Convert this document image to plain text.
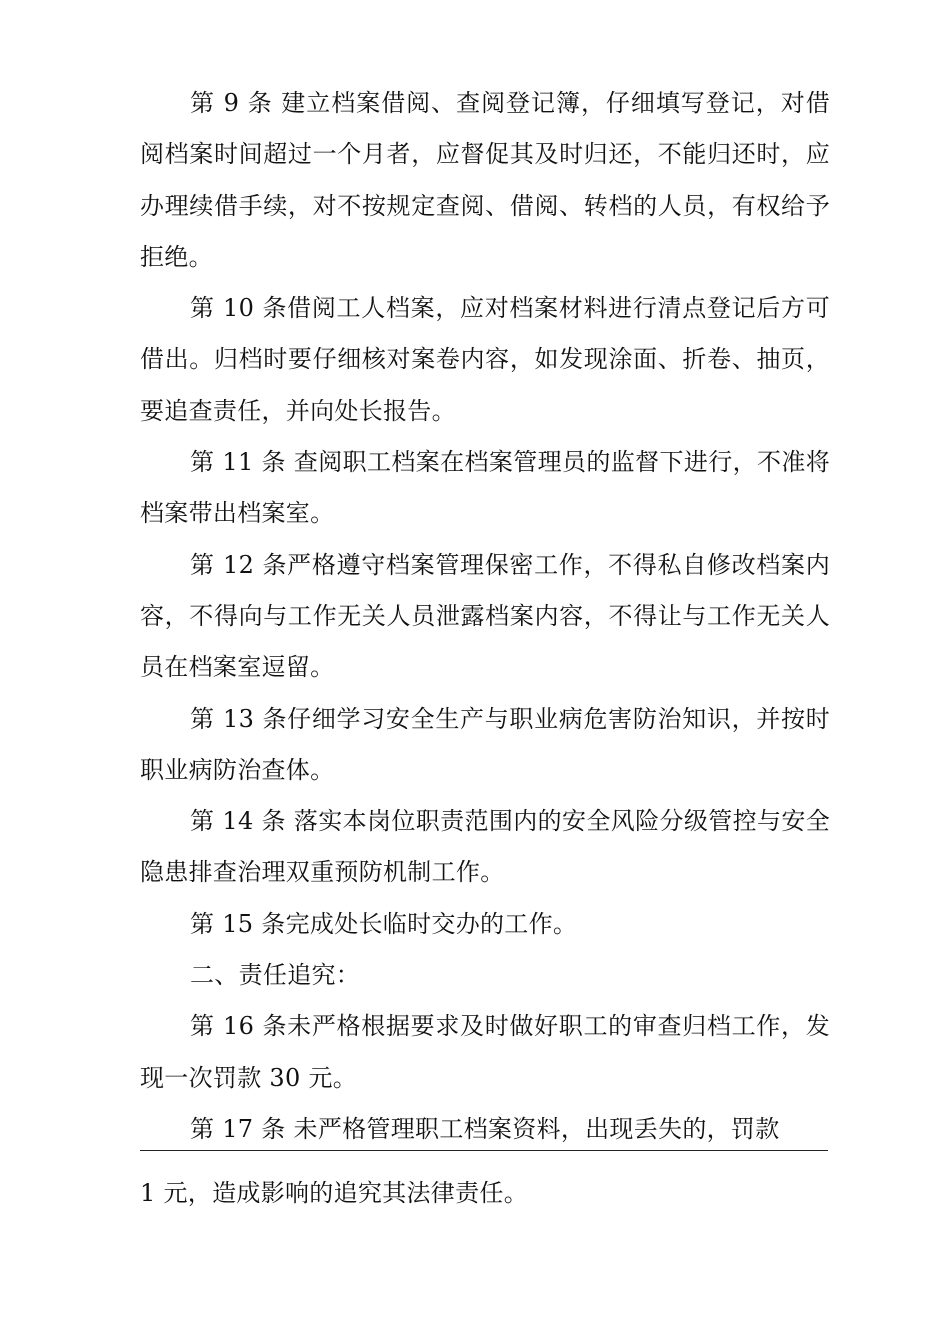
第 9 条 建立档案借阅、查阅登记簿，仔细填写登记，对借阅档案时间超过一个月者，应督促其及时归还，不能归还时，应办理续借手续，对不按规定查阅、借阅、转档的人员，有权给予拒绝。

第 10 条借阅工人档案，应对档案材料进行清点登记后方可借出。归档时要仔细核对案卷内容，如发现涂面、折卷、抽页，要追查责任，并向处长报告。

第 11 条 查阅职工档案在档案管理员的监督下进行，不准将档案带出档案室。

第 12 条严格遵守档案管理保密工作，不得私自修改档案内容，不得向与工作无关人员泄露档案内容，不得让与工作无关人员在档案室逗留。

第 13 条仔细学习安全生产与职业病危害防治知识，并按时职业病防治查体。

第 14 条 落实本岗位职责范围内的安全风险分级管控与安全隐患排查治理双重预防机制工作。

第 15 条完成处长临时交办的工作。

二、责任追究：

第 16 条未严格根据要求及时做好职工的审查归档工作，发现一次罚款 30 元。

第 17 条 未严格管理职工档案资料，出现丢失的，罚款

1 元，造成影响的追究其法律责任。
